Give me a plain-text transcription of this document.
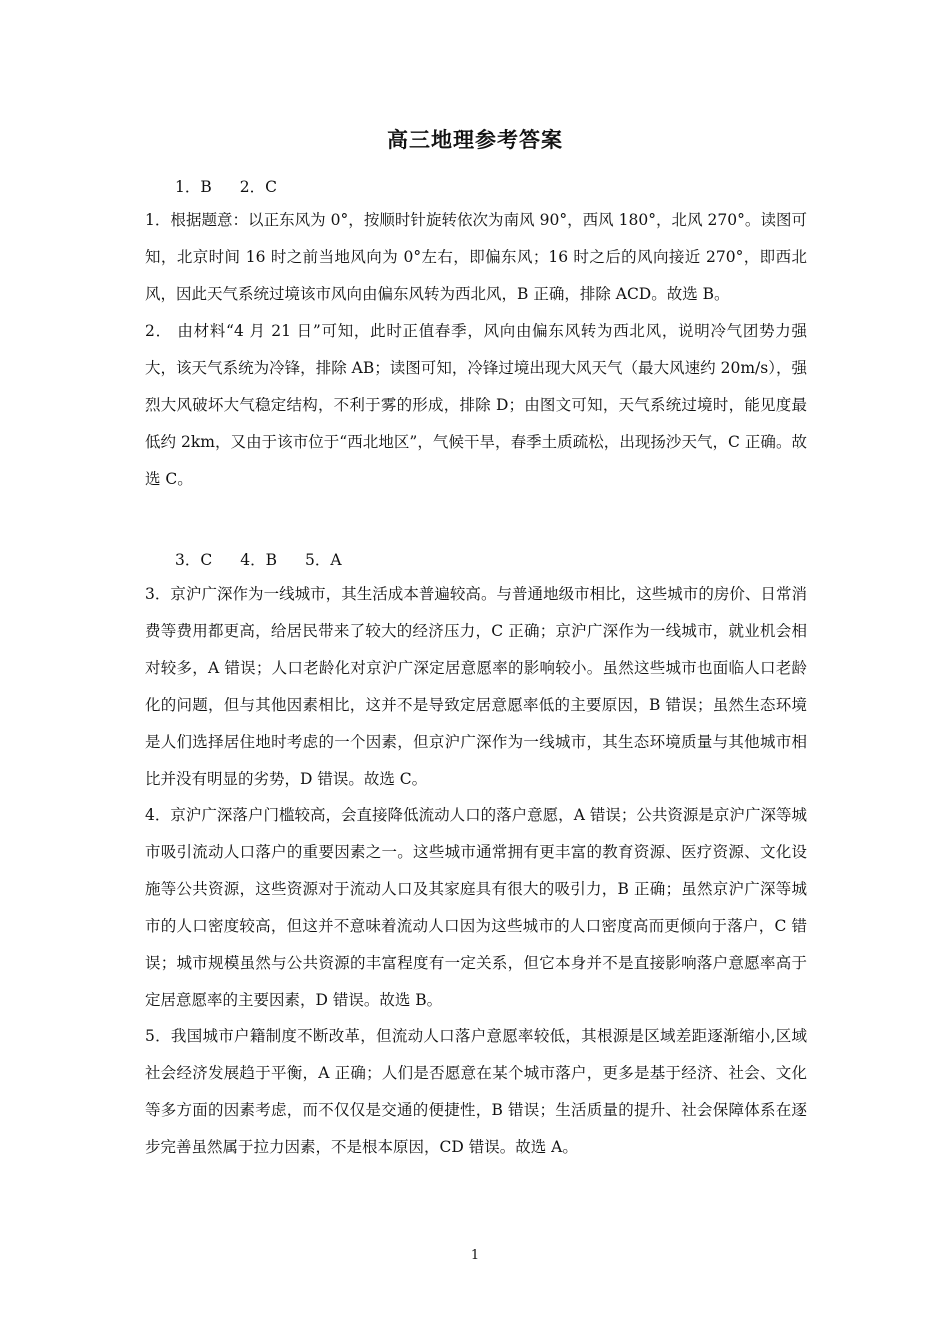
高三地理参考答案
1．B 2．C
1．根据题意：以正东风为 0°，按顺时针旋转依次为南风 90°，西风 180°，北风 270°。读图可知，北京时间 16 时之前当地风向为 0°左右，即偏东风；16 时之后的风向接近 270°，即西北风，因此天气系统过境该市风向由偏东风转为西北风，B 正确，排除 ACD。故选 B。
2． 由材料“4 月 21 日”可知，此时正值春季，风向由偏东风转为西北风，说明冷气团势力强大，该天气系统为冷锋，排除 AB；读图可知，冷锋过境出现大风天气（最大风速约 20m/s），强烈大风破坏大气稳定结构，不利于雾的形成，排除 D；由图文可知，天气系统过境时，能见度最低约 2km，又由于该市位于“西北地区”，气候干旱，春季土质疏松，出现扬沙天气，C 正确。故选 C。
3．C 4．B 5．A
3．京沪广深作为一线城市，其生活成本普遍较高。与普通地级市相比，这些城市的房价、日常消费等费用都更高，给居民带来了较大的经济压力，C 正确；京沪广深作为一线城市，就业机会相对较多，A 错误；人口老龄化对京沪广深定居意愿率的影响较小。虽然这些城市也面临人口老龄化的问题，但与其他因素相比，这并不是导致定居意愿率低的主要原因，B 错误；虽然生态环境是人们选择居住地时考虑的一个因素，但京沪广深作为一线城市，其生态环境质量与其他城市相比并没有明显的劣势，D 错误。故选 C。
4．京沪广深落户门槛较高，会直接降低流动人口的落户意愿，A 错误；公共资源是京沪广深等城市吸引流动人口落户的重要因素之一。这些城市通常拥有更丰富的教育资源、医疗资源、文化设施等公共资源，这些资源对于流动人口及其家庭具有很大的吸引力，B 正确；虽然京沪广深等城市的人口密度较高，但这并不意味着流动人口因为这些城市的人口密度高而更倾向于落户，C 错误；城市规模虽然与公共资源的丰富程度有一定关系，但它本身并不是直接影响落户意愿率高于定居意愿率的主要因素，D 错误。故选 B。
5．我国城市户籍制度不断改革，但流动人口落户意愿率较低，其根源是区域差距逐渐缩小,区域社会经济发展趋于平衡，A 正确；人们是否愿意在某个城市落户，更多是基于经济、社会、文化等多方面的因素考虑，而不仅仅是交通的便捷性，B 错误；生活质量的提升、社会保障体系在逐步完善虽然属于拉力因素，不是根本原因，CD 错误。故选 A。
1
